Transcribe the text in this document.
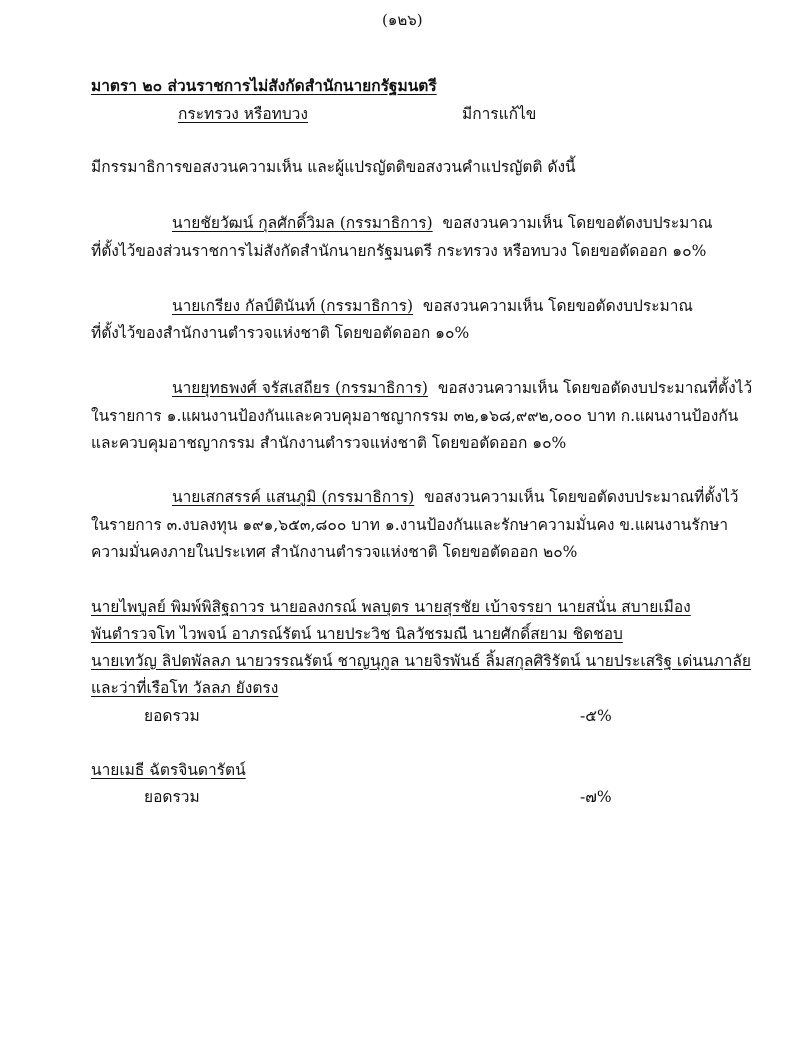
(๑๒๖)
มาตรา ๒๐ ส่วนราชการไม่สังกัดสำนักนายกรัฐมนตรี
กระทรวง หรือทบวง	มีการแก้ไข
มีกรรมาธิการขอสงวนความเห็น และผู้แปรญัตติขอสงวนคำแปรญัตติ ดังนี้
นายชัยวัฒน์ กุลศักดิ์วิมล (กรรมาธิการ) ขอสงวนความเห็น โดยขอตัดงบประมาณ
ที่ตั้งไว้ของส่วนราชการไม่สังกัดสำนักนายกรัฐมนตรี กระทรวง หรือทบวง โดยขอตัดออก ๑๐%
นายเกรียง กัลป์ตินันท์ (กรรมาธิการ) ขอสงวนความเห็น โดยขอตัดงบประมาณ
ที่ตั้งไว้ของสำนักงานตำรวจแห่งชาติ โดยขอตัดออก ๑๐%
นายยุทธพงศ์ จรัสเสถียร (กรรมาธิการ) ขอสงวนความเห็น โดยขอตัดงบประมาณที่ตั้งไว้
ในรายการ ๑.แผนงานป้องกันและควบคุมอาชญากรรม ๓๒,๑๖๘,๙๙๒,๐๐๐ บาท ก.แผนงานป้องกัน
และควบคุมอาชญากรรม สำนักงานตำรวจแห่งชาติ โดยขอตัดออก ๑๐%
นายเสกสรรค์ แสนภูมิ (กรรมาธิการ) ขอสงวนความเห็น โดยขอตัดงบประมาณที่ตั้งไว้
ในรายการ ๓.งบลงทุน ๑๙๑,๖๕๓,๘๐๐ บาท ๑.งานป้องกันและรักษาความมั่นคง ข.แผนงานรักษา
ความมั่นคงภายในประเทศ สำนักงานตำรวจแห่งชาติ โดยขอตัดออก ๒๐%
นายไพบูลย์ พิมพ์พิสิฐถาวร นายอลงกรณ์ พลบุตร นายสุรชัย เบ้าจรรยา นายสนั่น สบายเมือง
พันตำรวจโท ไวพจน์ อาภรณ์รัตน์ นายประวิช นิลวัชรมณี นายศักดิ์สยาม ชิดชอบ
นายเทวัญ ลิปตพัลลภ นายวรรณรัตน์ ชาญนุกูล นายจิรพันธ์ ลิ้มสกุลศิริรัตน์ นายประเสริฐ เด่นนภาลัย
และว่าที่เรือโท วัลลภ ยังตรง
ยอดรวม	-๕%
นายเมธี ฉัตรจินดารัตน์
ยอดรวม	-๗%
